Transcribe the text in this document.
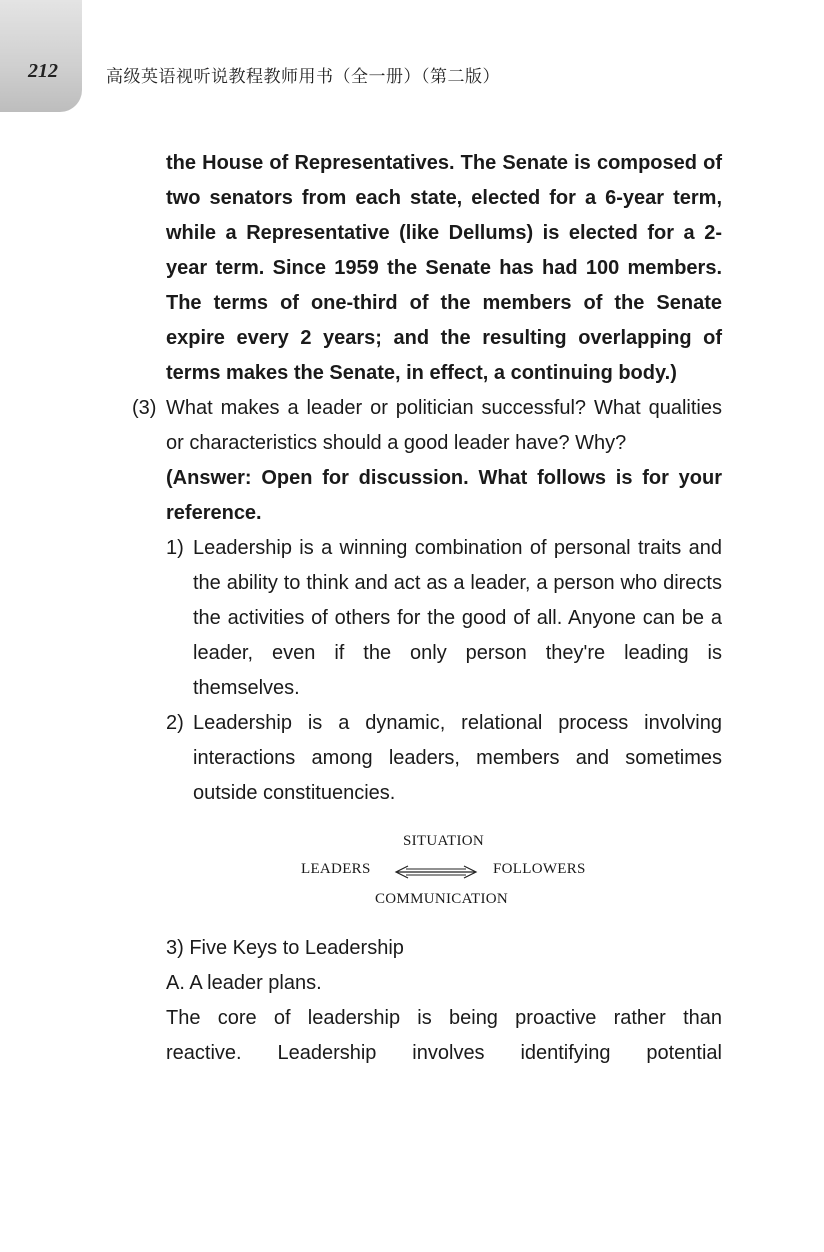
212	高级英语视听说教程教师用书（全一册）（第二版）

the House of Representatives. The Senate is composed of two senators from each state, elected for a 6-year term, while a Representative (like Dellums) is elected for a 2-year term. Since 1959 the Senate has had 100 members. The terms of one-third of the members of the Senate expire every 2 years; and the resulting overlapping of terms makes the Senate, in effect, a continuing body.)

(3) What makes a leader or politician successful? What qualities or characteristics should a good leader have? Why?

(Answer: Open for discussion. What follows is for your reference.

1) Leadership is a winning combination of personal traits and the ability to think and act as a leader, a person who directs the activities of others for the good of all. Anyone can be a leader, even if the only person they're leading is themselves.

2) Leadership is a dynamic, relational process involving interactions among leaders, members and sometimes outside constituencies.

SITUATION
LEADERS	FOLLOWERS
COMMUNICATION

3) Five Keys to Leadership

A. A leader plans.

The core of leadership is being proactive rather than

reactive. Leadership involves identifying potential
